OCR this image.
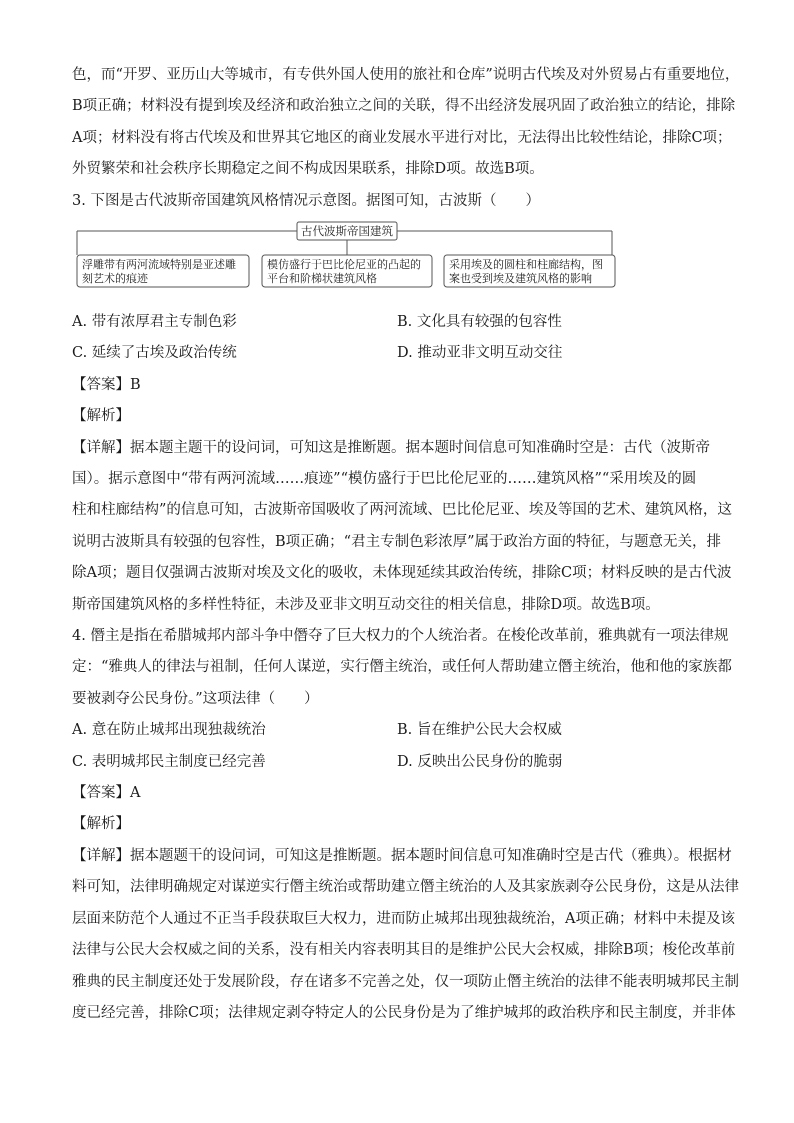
色，而“开罗、亚历山大等城市，有专供外国人使用的旅社和仓库”说明古代埃及对外贸易占有重要地位，

B项正确；材料没有提到埃及经济和政治独立之间的关联，得不出经济发展巩固了政治独立的结论，排除

A项；材料没有将古代埃及和世界其它地区的商业发展水平进行对比，无法得出比较性结论，排除C项；

外贸繁荣和社会秩序长期稳定之间不构成因果联系，排除D项。故选B项。

3. 下图是古代波斯帝国建筑风格情况示意图。据图可知，古波斯（　　）

古代波斯帝国建筑
浮雕带有两河流域特别是亚述雕
刻艺术的痕迹
模仿盛行于巴比伦尼亚的凸起的
平台和阶梯状建筑风格
采用埃及的圆柱和柱廊结构，图
案也受到埃及建筑风格的影响
A. 带有浓厚君主专制色彩	B. 文化具有较强的包容性
C. 延续了古埃及政治传统	D. 推动亚非文明互动交往

【答案】B

【解析】

【详解】据本题主题干的设问词，可知这是推断题。据本题时间信息可知准确时空是：古代（波斯帝

国）。据示意图中“带有两河流域……痕迹”“模仿盛行于巴比伦尼亚的……建筑风格”“采用埃及的圆

柱和柱廊结构”的信息可知，古波斯帝国吸收了两河流域、巴比伦尼亚、埃及等国的艺术、建筑风格，这

说明古波斯具有较强的包容性，B项正确；“君主专制色彩浓厚”属于政治方面的特征，与题意无关，排

除A项；题目仅强调古波斯对埃及文化的吸收，未体现延续其政治传统，排除C项；材料反映的是古代波

斯帝国建筑风格的多样性特征，未涉及亚非文明互动交往的相关信息，排除D项。故选B项。

4. 僭主是指在希腊城邦内部斗争中僭夺了巨大权力的个人统治者。在梭伦改革前，雅典就有一项法律规

定：“雅典人的律法与祖制，任何人谋逆，实行僭主统治，或任何人帮助建立僭主统治，他和他的家族都

要被剥夺公民身份。”这项法律（　　）

A. 意在防止城邦出现独裁统治	B. 旨在维护公民大会权威
C. 表明城邦民主制度已经完善	D. 反映出公民身份的脆弱

【答案】A

【解析】

【详解】据本题题干的设问词，可知这是推断题。据本题时间信息可知准确时空是古代（雅典）。根据材

料可知，法律明确规定对谋逆实行僭主统治或帮助建立僭主统治的人及其家族剥夺公民身份，这是从法律

层面来防范个人通过不正当手段获取巨大权力，进而防止城邦出现独裁统治，A项正确；材料中未提及该

法律与公民大会权威之间的关系，没有相关内容表明其目的是维护公民大会权威，排除B项；梭伦改革前

雅典的民主制度还处于发展阶段，存在诸多不完善之处，仅一项防止僭主统治的法律不能表明城邦民主制

度已经完善，排除C项；法律规定剥夺特定人的公民身份是为了维护城邦的政治秩序和民主制度，并非体
